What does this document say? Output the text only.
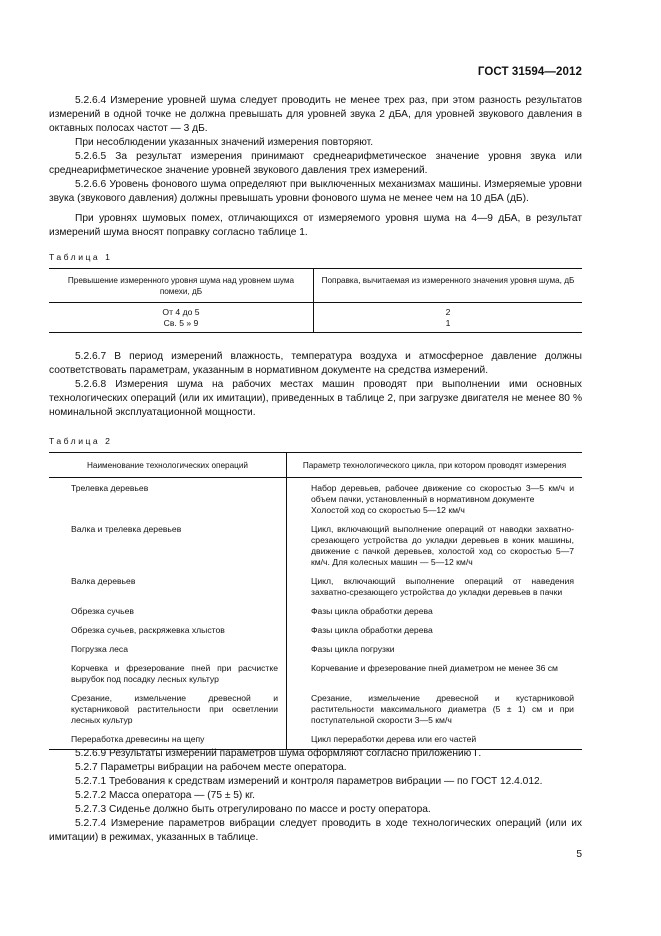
ГОСТ 31594—2012
5.2.6.4 Измерение уровней шума следует проводить не менее трех раз, при этом разность результатов измерений в одной точке не должна превышать для уровней звука 2 дБА, для уровней звукового давления в октавных полосах частот — 3 дБ.
При несоблюдении указанных значений измерения повторяют.
5.2.6.5 За результат измерения принимают среднеарифметическое значение уровня звука или среднеарифметическое значение уровней звукового давления трех измерений.
5.2.6.6 Уровень фонового шума определяют при выключенных механизмах машины. Измеряемые уровни звука (звукового давления) должны превышать уровни фонового шума не менее чем на 10 дБА (дБ).
При уровнях шумовых помех, отличающихся от измеряемого уровня шума на 4—9 дБА, в результат измерений шума вносят поправку согласно таблице 1.
Таблица 1
Превышение измеренного уровня шума над уровнем шума помехи, дБ	Поправка, вычитаемая из измеренного значения уровня шума, дБ
От 4 до 5	2
Св. 5 » 9	1
5.2.6.7 В период измерений влажность, температура воздуха и атмосферное давление должны соответствовать параметрам, указанным в нормативном документе на средства измерений.
5.2.6.8 Измерения шума на рабочих местах машин проводят при выполнении ими основных технологических операций (или их имитации), приведенных в таблице 2, при загрузке двигателя не менее 80 % номинальной эксплуатационной мощности.
Таблица 2
Наименование технологических операций	Параметр технологического цикла, при котором проводят измерения
Трелевка деревьев	Набор деревьев, рабочее движение со скоростью 3—5 км/ч и объем пачки, установленный в нормативном документе
Холостой ход со скоростью 5—12 км/ч

Валка и трелевка деревьев	Цикл, включающий выполнение операций от наводки захватно-срезающего устройства до укладки деревьев в коник машины, движение с пачкой деревьев, холостой ход со скоростью 5—7 км/ч. Для колесных машин — 5—12 км/ч
Валка деревьев	Цикл, включающий выполнение операций от наведения захватно-срезающего устройства до укладки деревьев в пачки
Обрезка сучьев	Фазы цикла обработки дерева
Обрезка сучьев, раскряжевка хлыстов	Фазы цикла обработки дерева
Погрузка леса	Фазы цикла погрузки
Корчевка и фрезерование пней при расчистке вырубок под посадку лесных культур	Корчевание и фрезерование пней диаметром не менее 36 см
Срезание, измельчение древесной и кустарниковой растительности при осветлении лесных культур	Срезание, измельчение древесной и кустарниковой растительности максимального диаметра (5 ± 1) см и при поступательной скорости 3—5 км/ч
Переработка древесины на щепу	Цикл переработки дерева или его частей
5.2.6.9 Результаты измерений параметров шума оформляют согласно приложению Г.
5.2.7 Параметры вибрации на рабочем месте оператора.
5.2.7.1 Требования к средствам измерений и контроля параметров вибрации — по ГОСТ 12.4.012.
5.2.7.2 Масса оператора — (75 ± 5) кг.
5.2.7.3 Сиденье должно быть отрегулировано по массе и росту оператора.
5.2.7.4 Измерение параметров вибрации следует проводить в ходе технологических операций (или их имитации) в режимах, указанных в таблице.
5
